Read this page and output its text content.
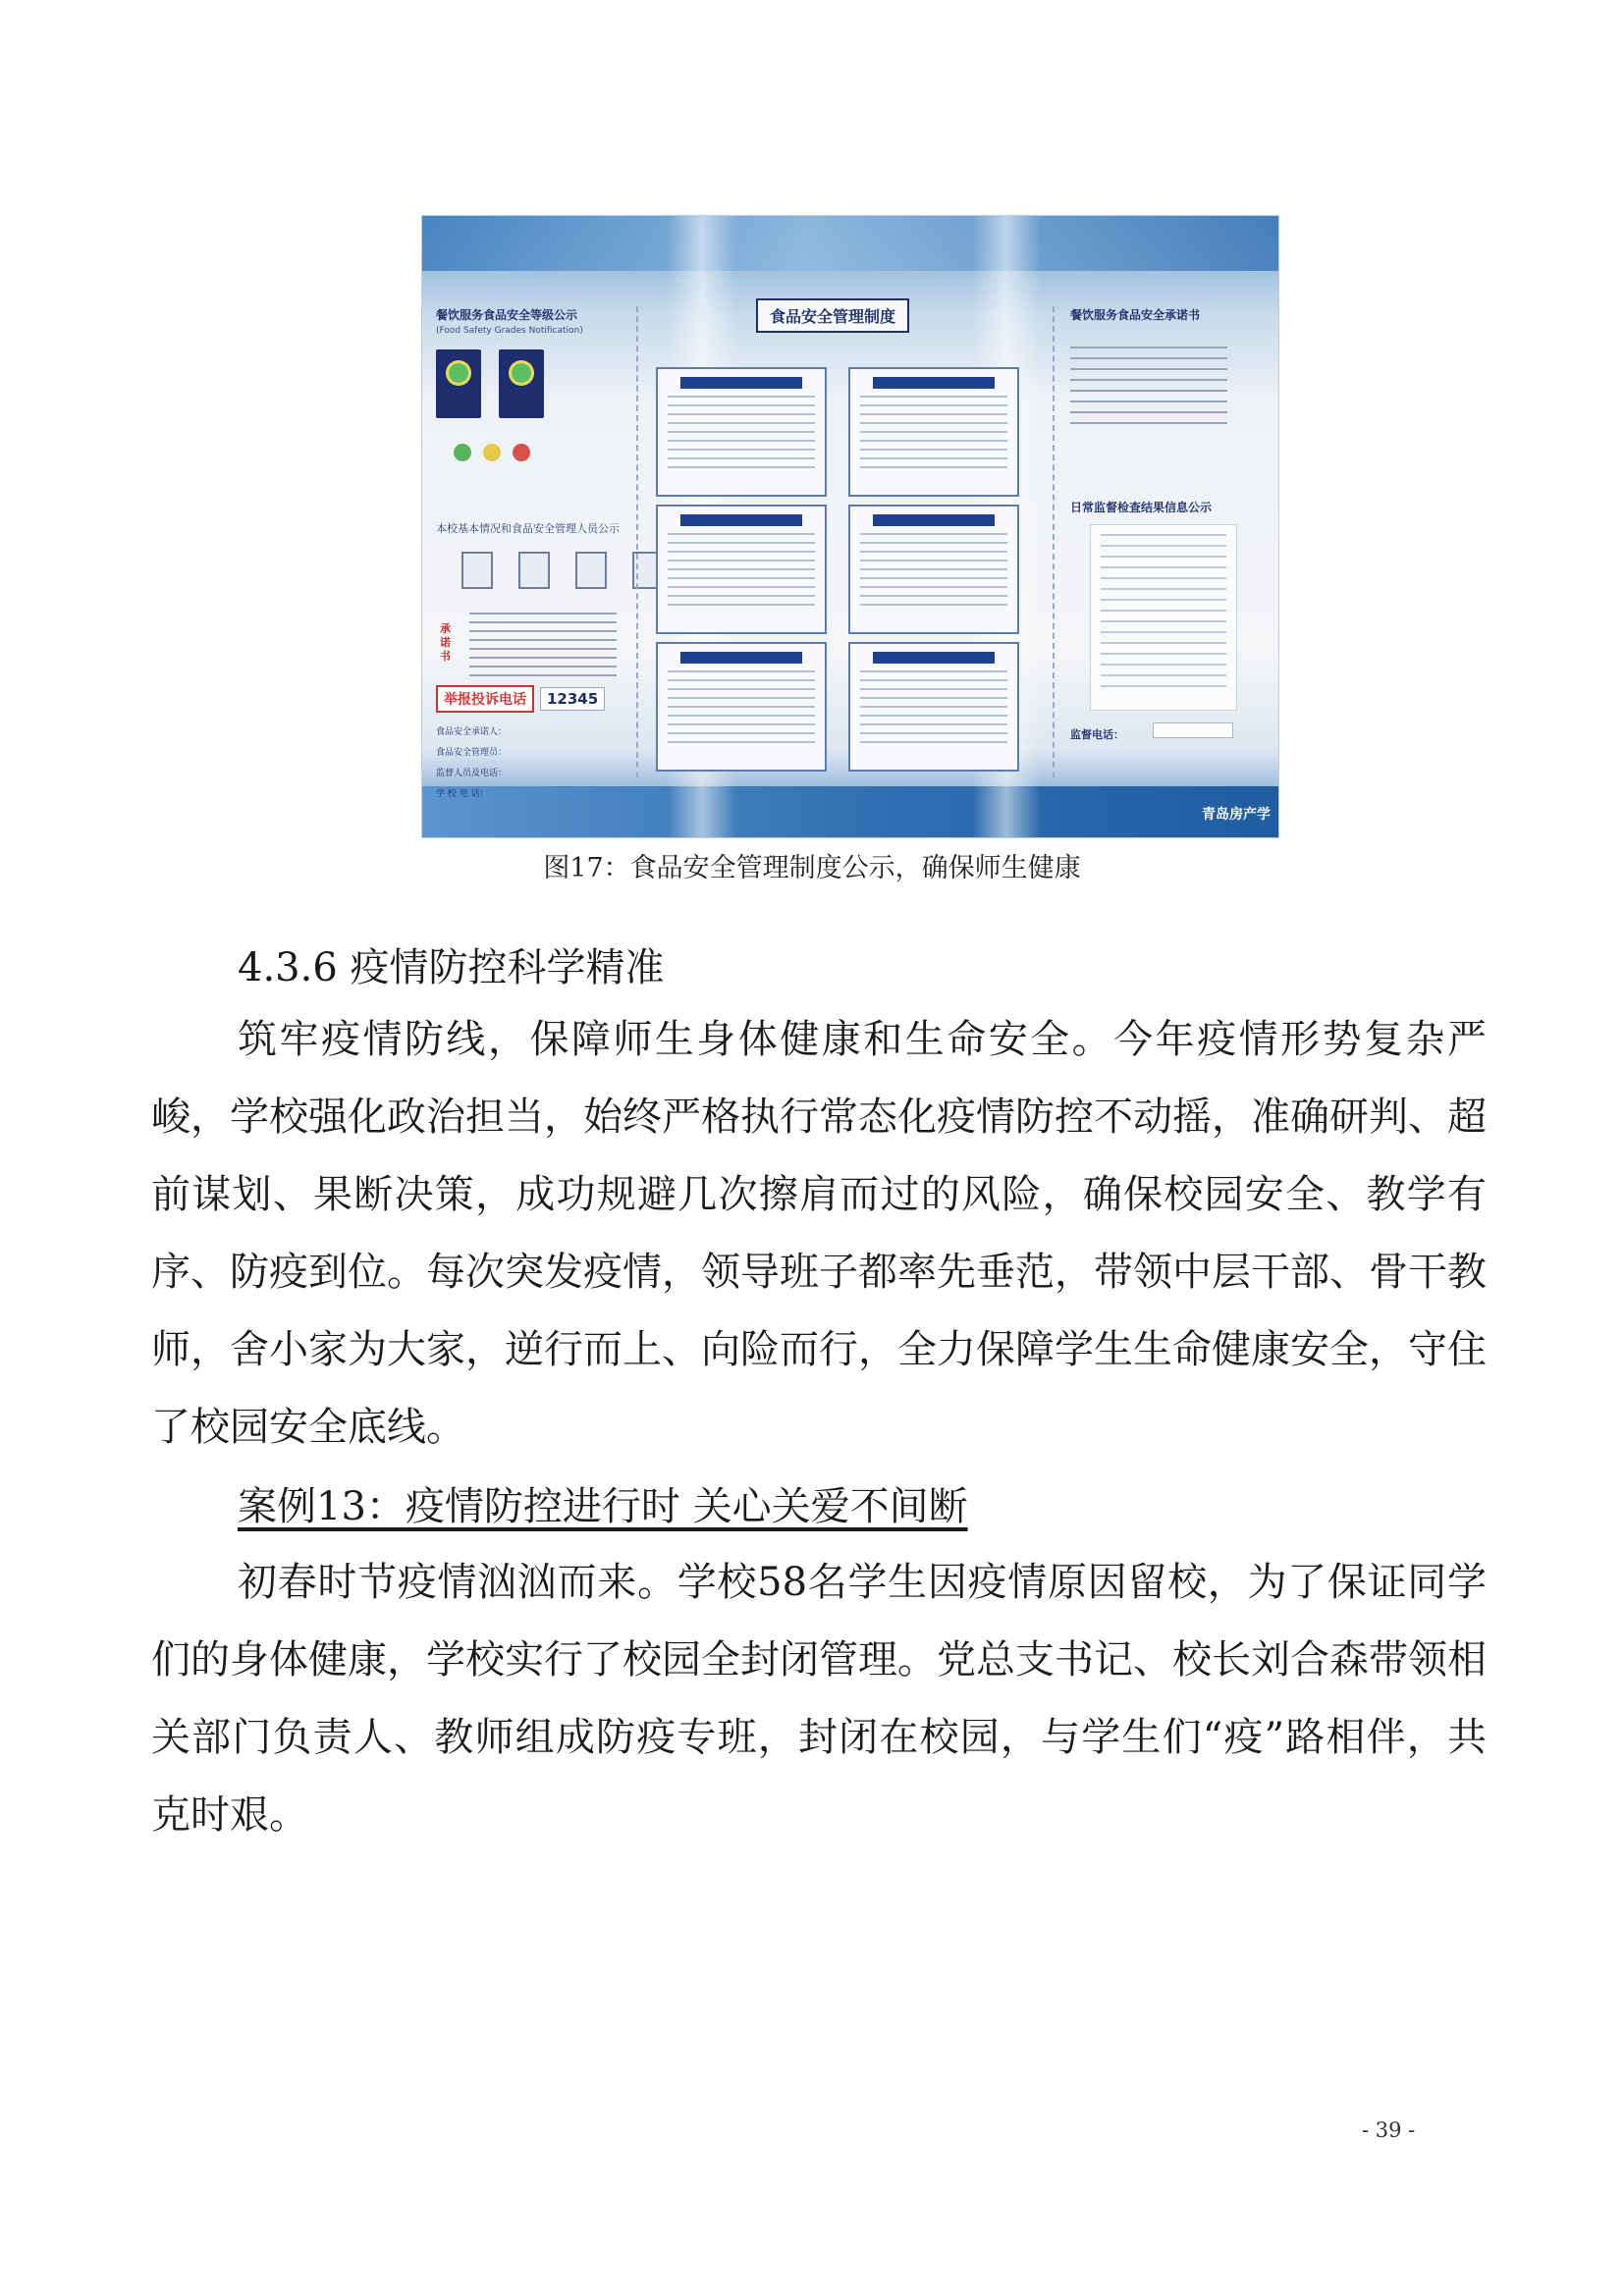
餐饮服务食品安全等级公示
(Food Safety Grades Notification)
本校基本情况和食品安全管理人员公示
承诺书
举报投诉电话	12345
食品安全承诺人：
食品安全管理员：
监督人员及电话：
学 校 电 话：
食品安全管理制度	餐饮服务食品安全承诺书
日常监督检查结果信息公示
监督电话：
青岛房产学
图17：食品安全管理制度公示，确保师生健康
4.3.6 疫情防控科学精准

筑牢疫情防线，保障师生身体健康和生命安全。今年疫情形势复杂严峻，学校强化政治担当，始终严格执行常态化疫情防控不动摇，准确研判、超前谋划、果断决策，成功规避几次擦肩而过的风险，确保校园安全、教学有序、防疫到位。每次突发疫情，领导班子都率先垂范，带领中层干部、骨干教师，舍小家为大家，逆行而上、向险而行，全力保障学生生命健康安全，守住了校园安全底线。

案例13：疫情防控进行时 关心关爱不间断

初春时节疫情汹汹而来。学校58名学生因疫情原因留校，为了保证同学们的身体健康，学校实行了校园全封闭管理。党总支书记、校长刘合森带领相关部门负责人、教师组成防疫专班，封闭在校园，与学生们“疫”路相伴，共克时艰。

- 39 -
